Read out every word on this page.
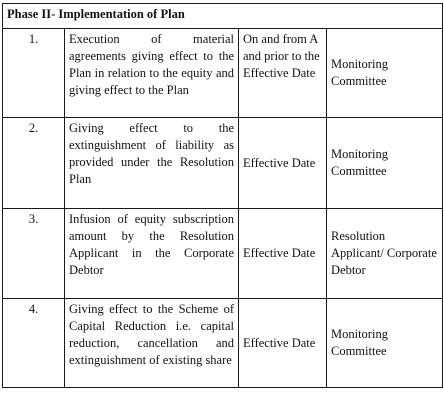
Phase II- Implementation of Plan			
1.	Execution of material agreements giving effect to the Plan in relation to the equity and giving effect to the Plan	On and from A and prior to the Effective Date	Monitoring Committee
2.	Giving effect to the extinguishment of liability as provided under the Resolution Plan	Effective Date	Monitoring Committee
3.	Infusion of equity subscription amount by the Resolution Applicant in the Corporate Debtor	Effective Date	Resolution Applicant/ Corporate Debtor
4.	Giving effect to the Scheme of Capital Reduction i.e. capital reduction, cancellation and extinguishment of existing share	Effective Date	Monitoring Committee
